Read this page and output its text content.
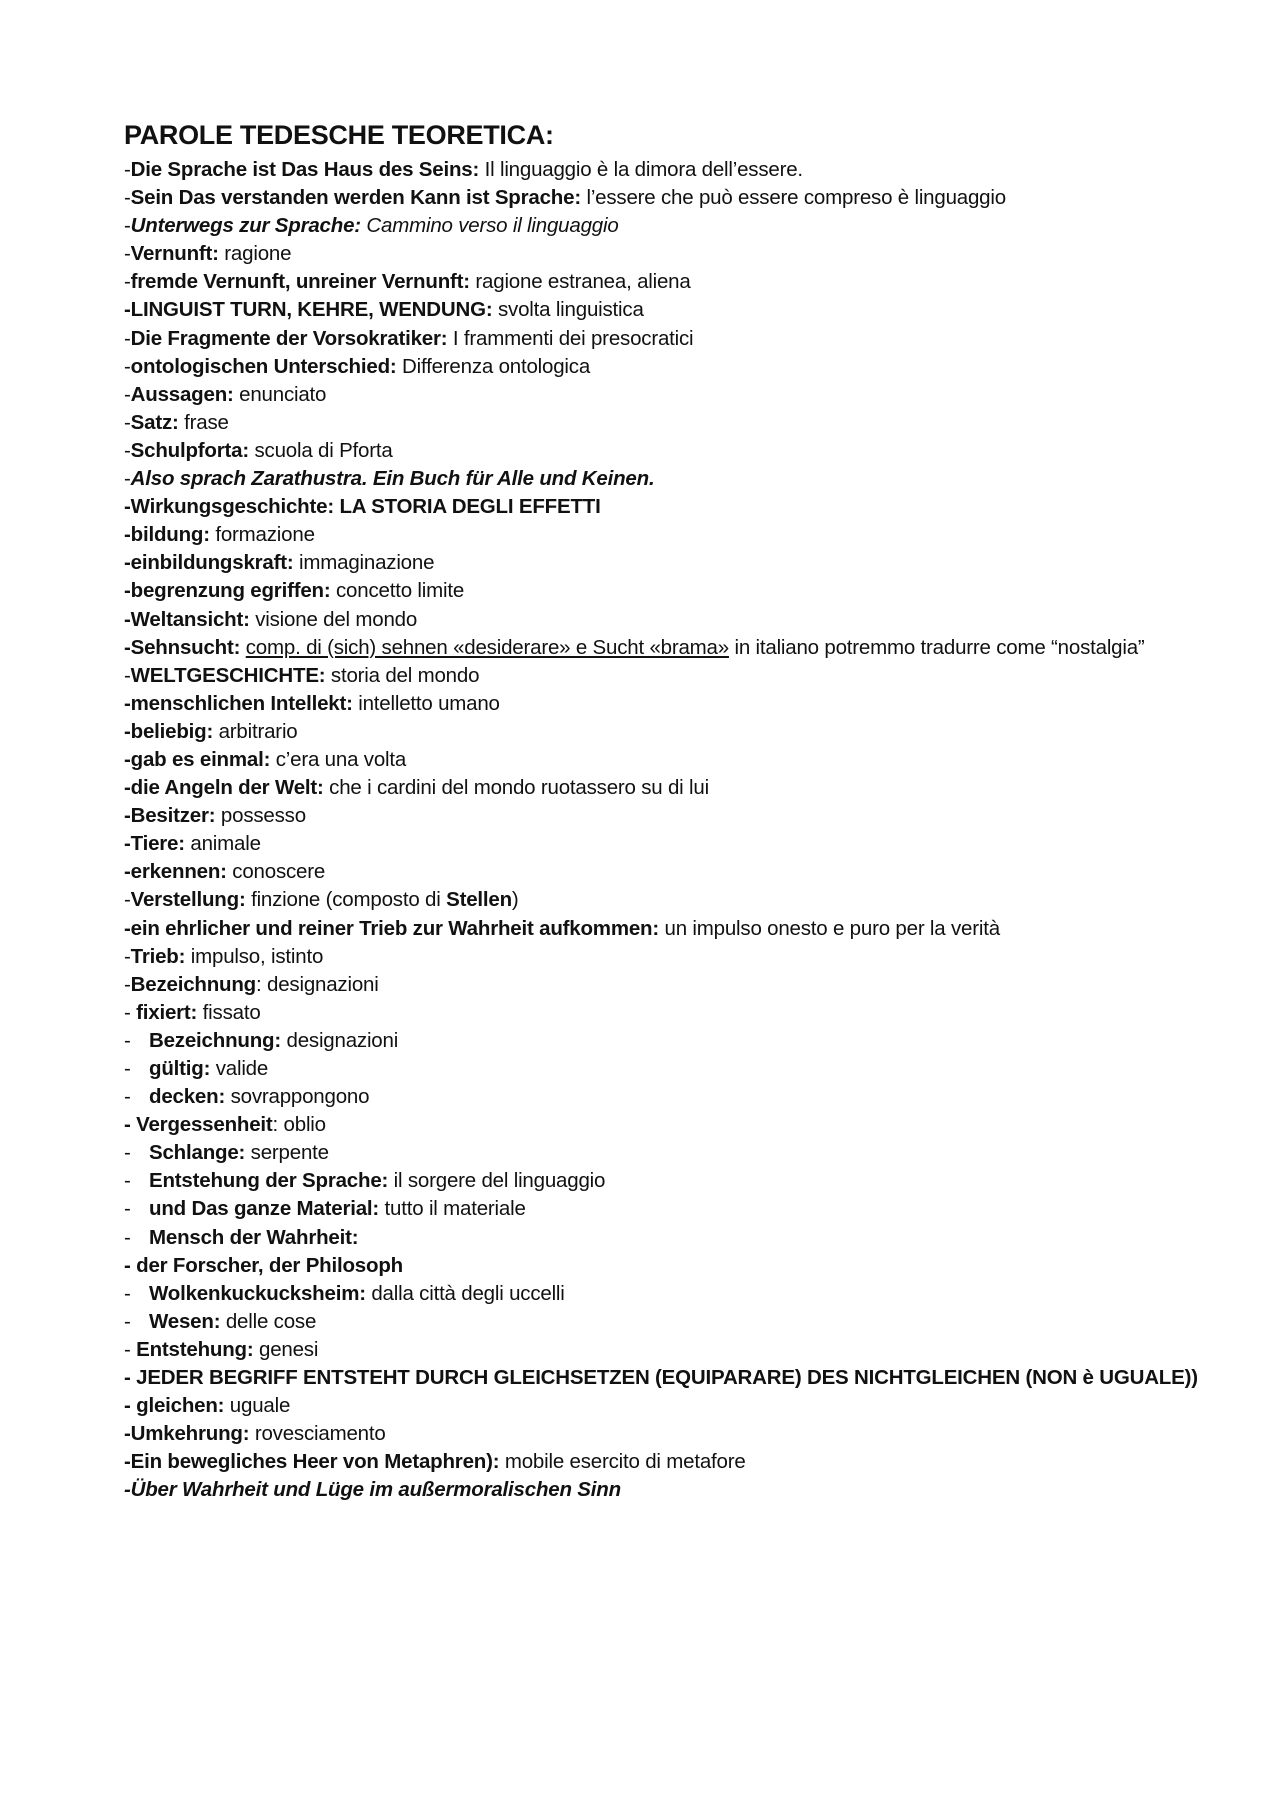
PAROLE TEDESCHE TEORETICA:
-Die Sprache ist Das Haus des Seins: Il linguaggio è la dimora dell’essere.
-Sein Das verstanden werden Kann ist Sprache: l’essere che può essere compreso è linguaggio
-Unterwegs zur Sprache: Cammino verso il linguaggio
-Vernunft: ragione
-fremde Vernunft, unreiner Vernunft: ragione estranea, aliena
-LINGUIST TURN, KEHRE, WENDUNG: svolta linguistica
-Die Fragmente der Vorsokratiker: I frammenti dei presocratici
-ontologischen Unterschied: Differenza ontologica
-Aussagen: enunciato
-Satz: frase
-Schulpforta: scuola di Pforta
-Also sprach Zarathustra. Ein Buch für Alle und Keinen.
-Wirkungsgeschichte: LA STORIA DEGLI EFFETTI
-bildung: formazione
-einbildungskraft: immaginazione
-begrenzung egriffen: concetto limite
-Weltansicht: visione del mondo
-Sehnsucht: comp. di (sich) sehnen «desiderare» e Sucht «brama» in italiano potremmo tradurre come “nostalgia”
-WELTGESCHICHTE: storia del mondo
-menschlichen Intellekt: intelletto umano
-beliebig: arbitrario
-gab es einmal: c’era una volta
-die Angeln der Welt: che i cardini del mondo ruotassero su di lui
-Besitzer: possesso
-Tiere: animale
-erkennen: conoscere
-Verstellung: finzione (composto di Stellen)
-ein ehrlicher und reiner Trieb zur Wahrheit aufkommen: un impulso onesto e puro per la verità
-Trieb: impulso, istinto
-Bezeichnung: designazioni
- fixiert: fissato
- Bezeichnung: designazioni
- gültig: valide
- decken: sovrappongono
- Vergessenheit: oblio
- Schlange: serpente
- Entstehung der Sprache: il sorgere del linguaggio
- und Das ganze Material: tutto il materiale
- Mensch der Wahrheit:
- der Forscher, der Philosoph
- Wolkenkuckucksheim: dalla città degli uccelli
- Wesen: delle cose
- Entstehung: genesi
- JEDER BEGRIFF ENTSTEHT DURCH GLEICHSETZEN (EQUIPARARE) DES NICHTGLEICHEN (NON è UGUALE))
- gleichen: uguale
-Umkehrung: rovesciamento
-Ein bewegliches Heer von Metaphren): mobile esercito di metafore
-Über Wahrheit und Lüge im außermoralischen Sinn
